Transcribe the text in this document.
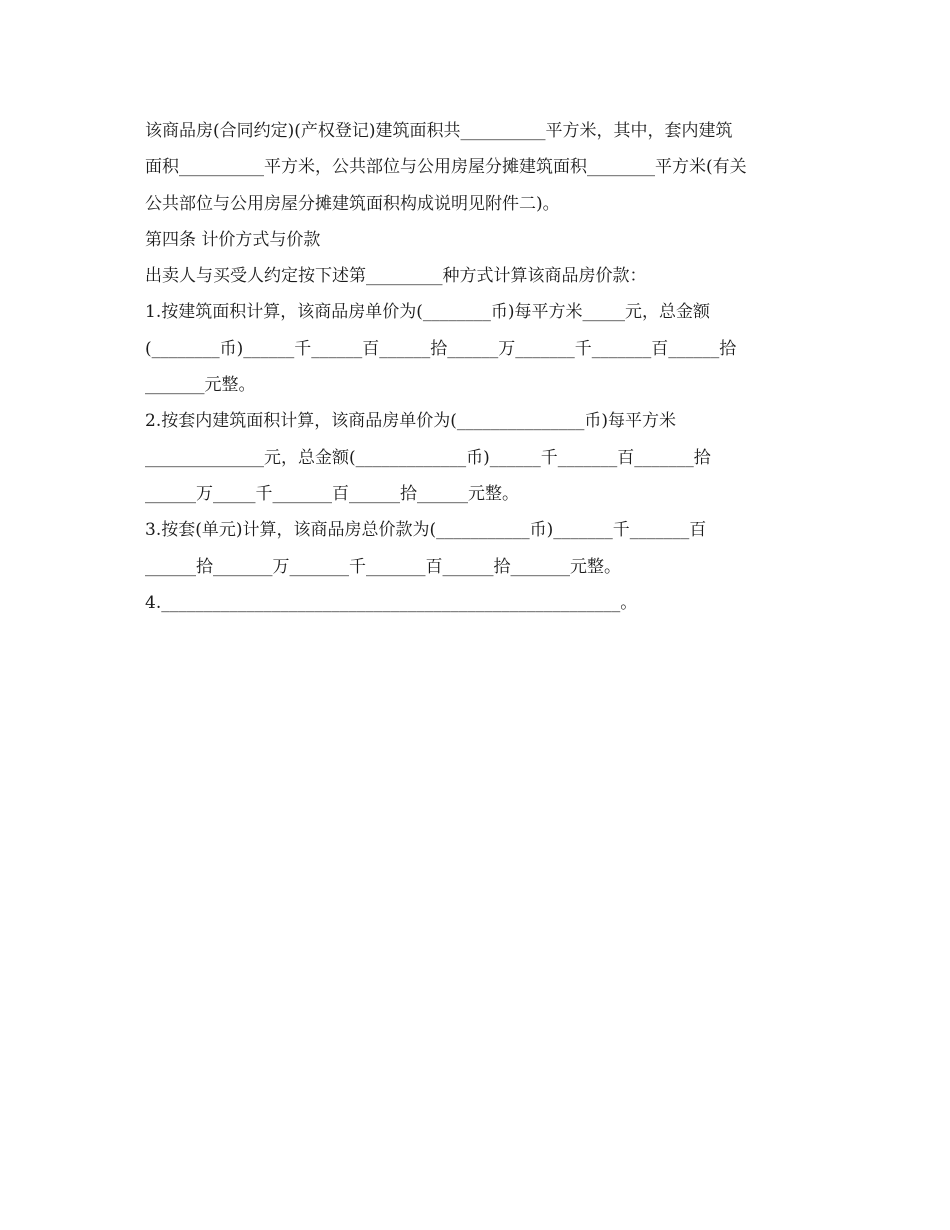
该商品房(合同约定)(产权登记)建筑面积共__________平方米，其中，套内建筑
面积__________平方米，公共部位与公用房屋分摊建筑面积________平方米(有关
公共部位与公用房屋分摊建筑面积构成说明见附件二)。
第四条 计价方式与价款
出卖人与买受人约定按下述第_________种方式计算该商品房价款：
1.按建筑面积计算，该商品房单价为(________币)每平方米_____元，总金额
(________币)______千______百______拾______万_______千_______百______拾
_______元整。
2.按套内建筑面积计算，该商品房单价为(_______________币)每平方米
______________元，总金额(_____________币)______千_______百_______拾
______万_____千_______百______拾______元整。
3.按套(单元)计算，该商品房总价款为(___________币)_______千_______百
______拾_______万_______千_______百______拾_______元整。
4.______________________________________________________。
